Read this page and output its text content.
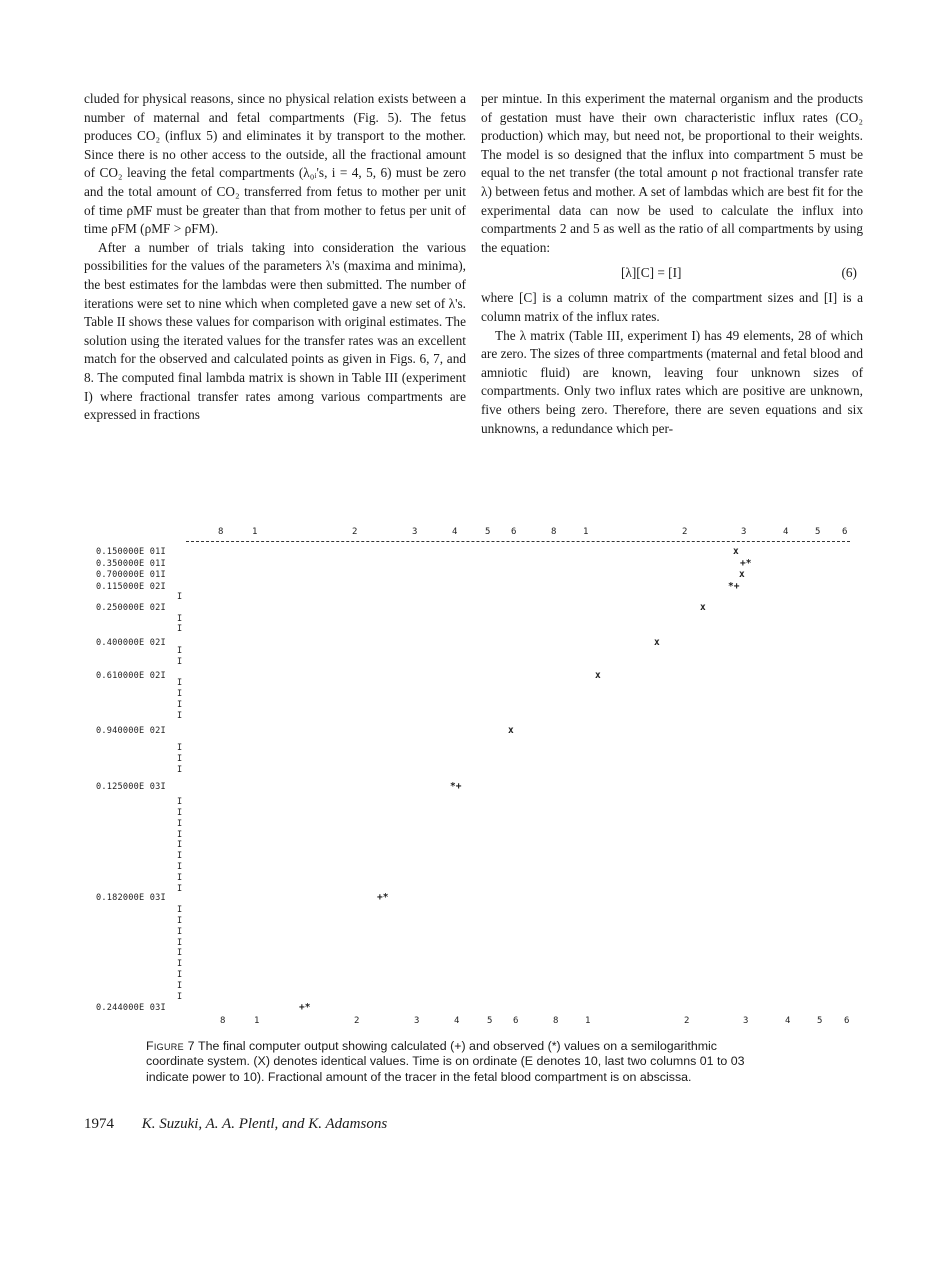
cluded for physical reasons, since no physical relation exists between a number of maternal and fetal compartments (Fig. 5). The fetus produces CO₂ (influx 5) and eliminates it by transport to the mother. Since there is no other access to the outside, all the fractional amount of CO₂ leaving the fetal compartments (λ₀ᵢ's, i = 4, 5, 6) must be zero and the total amount of CO₂ transferred from fetus to mother per unit of time ρMF must be greater than that from mother to fetus per unit of time ρFM (ρMF > ρFM).

After a number of trials taking into consideration the various possibilities for the values of the parameters λ's (maxima and minima), the best estimates for the lambdas were then submitted. The number of iterations were set to nine which when completed gave a new set of λ's. Table II shows these values for comparison with original estimates. The solution using the iterated values for the transfer rates was an excellent match for the observed and calculated points as given in Figs. 6, 7, and 8. The computed final lambda matrix is shown in Table III (experiment I) where fractional transfer rates among various compartments are expressed in fractions

per mintue. In this experiment the maternal organism and the products of gestation must have their own characteristic influx rates (CO₂ production) which may, but need not, be proportional to their weights. The model is so designed that the influx into compartment 5 must be equal to the net transfer (the total amount ρ not fractional transfer rate λ) between fetus and mother. A set of lambdas which are best fit for the experimental data can now be used to calculate the influx into compartments 2 and 5 as well as the ratio of all compartments by using the equation:

[λ][C] = [I]	(6)

where [C] is a column matrix of the compartment sizes and [I] is a column matrix of the influx rates.

The λ matrix (Table III, experiment I) has 49 elements, 28 of which are zero. The sizes of three compartments (maternal and fetal blood and amniotic fluid) are known, leaving four unknown sizes of compartments. Only two influx rates which are positive are unknown, five others being zero. Therefore, there are seven equations and six unknowns, a redundance which per-

8	1	2	3	4	5 6	8	1	2	3	4	5 6
8	1	2	3	4	5 6	8	1	2	3	4	5 6
0.150000E 01I
0.350000E 01I
0.700000E 01I
0.115000E 02I
0.250000E 02I
0.400000E 02I
0.610000E 02I
0.940000E 02I
0.125000E 03I
0.182000E 03I
0.244000E 03I
I
I
I
I
I
I
I
I
I
I
I
I
I
I
I
I
I
I
I
I
I
I
I
I
I
I
I
I
I
I
x
+*
x
*+
x
x
x
x
*+
+*
+*
Figure 7 The final computer output showing calculated (+) and observed (*) values on a semilogarithmic coordinate system. (X) denotes identical values. Time is on ordinate (E denotes 10, last two columns 01 to 03 indicate power to 10). Fractional amount of the tracer in the fetal blood compartment is on abscissa.
1974 K. Suzuki, A. A. Plentl, and K. Adamsons
